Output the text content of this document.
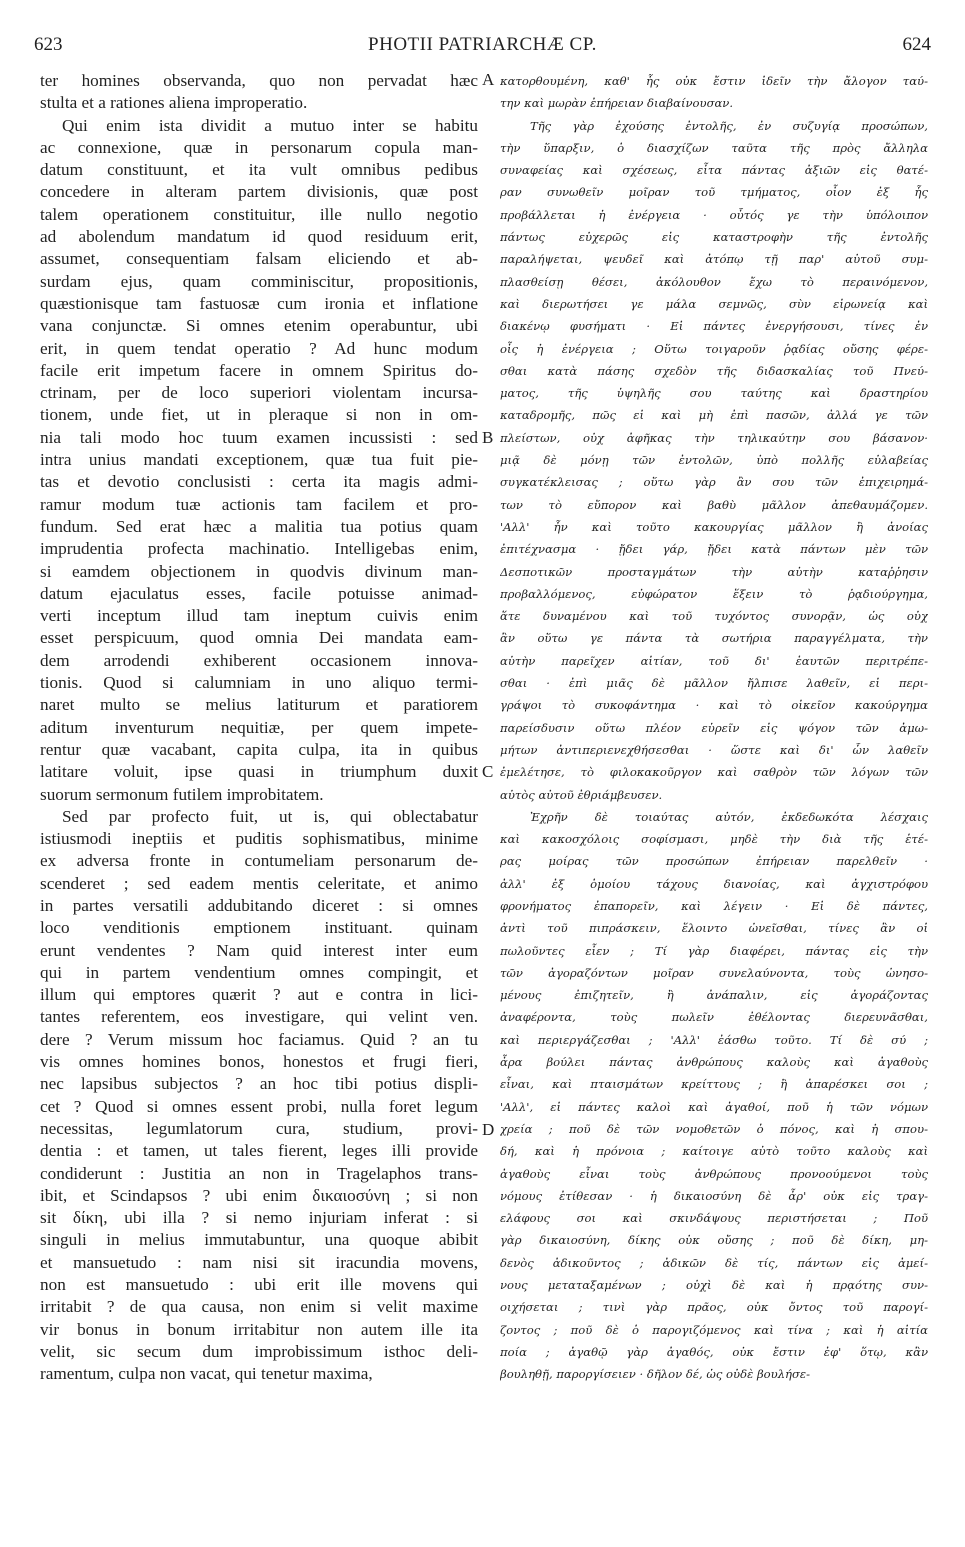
623	PHOTII PATRIARCHÆ CP.	624
ter homines observanda, quo non pervadat hæc
stulta et a rationes aliena improperatio.
Qui enim ista dividit a mutuo inter se habitu
ac connexione, quæ in personarum copula man-
datum constituunt, et ita vult omnibus pedibus
concedere in alteram partem divisionis, quæ post
talem operationem constituitur, ille nullo negotio
ad abolendum mandatum id quod residuum erit,
assumet, consequentiam falsam eliciendo et ab-
surdam ejus, quam comminiscitur, propositionis,
quæstionisque tam fastuosæ cum ironia et inflatione
vana conjunctæ. Si omnes etenim operabuntur, ubi
erit, in quem tendat operatio ? Ad hunc modum
facile erit impetum facere in omnem Spiritus do-
ctrinam, per de loco superiori violentam incursa-
tionem, unde fiet, ut in pleraque si non in om-
nia tali modo hoc tuum examen incussisti : sed
intra unius mandati exceptionem, quæ tua fuit pie-
tas et devotio conclusisti : certa ita magis admi-
ramur modum tuæ actionis tam facilem et pro-
fundum. Sed erat hæc a malitia tua potius quam
imprudentia profecta machinatio. Intelligebas enim,
si eamdem objectionem in quodvis divinum man-
datum ejaculatus esses, facile potuisse animad-
verti inceptum illud tam ineptum cuivis enim
esset perspicuum, quod omnia Dei mandata eam-
dem arrodendi exhiberent occasionem innova-
tionis. Quod si calumniam in uno aliquo termi-
naret multo se melius latiturum et paratiorem
aditum inventurum nequitiæ, per quem impete-
rentur quæ vacabant, capita culpa, ita in quibus
latitare voluit, ipse quasi in triumphum duxit
suorum sermonum futilem improbitatem.
Sed par profecto fuit, ut is, qui oblectabatur
istiusmodi ineptiis et puditis sophismatibus, minime
ex adversa fronte in contumeliam personarum de-
scenderet ; sed eadem mentis celeritate, et animo
in partes versatili addubitando diceret : si omnes
loco venditionis emptionem instituant. quinam
erunt vendentes ? Nam quid interest inter eum
qui in partem vendentium omnes compingit, et
illum qui emptores quærit ? aut e contra in lici-
tantes referentem, eos investigare, qui velint ven.
dere ? Verum missum hoc faciamus. Quid ? an tu
vis omnes homines bonos, honestos et frugi fieri,
nec lapsibus subjectos ? an hoc tibi potius displi-
cet ? Quod si omnes essent probi, nulla foret legum
necessitas, legumlatorum cura, studium, provi-
dentia : et tamen, ut tales fierent, leges illi provide
condiderunt : Justitia an non in Tragelaphos trans-
ibit, et Scindapsos ? ubi enim δικαιοσύνη ; si non
sit δίκη, ubi illa ? si nemo injuriam inferat : si
singuli in melius immutabuntur, una quoque abibit
et mansuetudo : nam nisi sit iracundia movens,
non est mansuetudo : ubi erit ille movens qui
irritabit ? de qua causa, non enim si velit maxime
vir bonus in bonum irritabitur non autem ille ita
velit, sic secum dum improbissimum isthoc deli-
ramentum, culpa non vacat, qui tenetur maxima,
κατορθουμένη, καθ' ἧς οὐκ ἔστιν ἰδεῖν τὴν ἄλογον ταύ-
την καὶ μωρὰν ἐπήρειαν διαβαίνουσαν.
Τῆς γὰρ ἐχούσης ἐντολῆς, ἐν συζυγίᾳ προσώπων,
τὴν ὕπαρξιν, ὁ διασχίζων ταῦτα τῆς πρὸς ἄλληλα
συναφείας καὶ σχέσεως, εἶτα πάντας ἀξιῶν εἰς θατέ-
ραν συνωθεῖν μοῖραν τοῦ τμήματος, οἷον ἐξ ἧς
προβάλλεται ἡ ἐνέργεια · οὗτός γε τὴν ὑπόλοιπον
πάντως εὐχερῶς εἰς καταστροφὴν τῆς ἐντολῆς
παραλήψεται, ψευδεῖ καὶ ἀτόπῳ τῇ παρ' αὐτοῦ συμ-
πλασθείσῃ θέσει, ἀκόλουθον ἔχω τὸ περαινόμενον,
καὶ διερωτήσει γε μάλα σεμνῶς, σὺν εἰρωνείᾳ καὶ
διακένῳ φυσήματι · Εἰ πάντες ἐνεργήσουσι, τίνες ἐν
οἷς ἡ ἐνέργεια ; Οὕτω τοιγαροῦν ῥᾳδίας οὔσης φέρε-
σθαι κατὰ πάσης σχεδὸν τῆς διδασκαλίας τοῦ Πνεύ-
ματος, τῆς ὑψηλῆς σου ταύτης καὶ δραστηρίου
καταδρομῆς, πῶς εἰ καὶ μὴ ἐπὶ πασῶν, ἀλλά γε τῶν
πλείστων, οὐχ ἀφῆκας τὴν τηλικαύτην σου βάσανον·
μιᾷ δὲ μόνῃ τῶν ἐντολῶν, ὑπὸ πολλῆς εὐλαβείας
συγκατέκλεισας ; οὕτω γὰρ ἂν σου τῶν ἐπιχειρημά-
των τὸ εὔπορον καὶ βαθὺ μᾶλλον ἀπεθαυμάζομεν.
'Αλλ' ἦν καὶ τοῦτο κακουργίας μᾶλλον ἢ ἀνοίας
ἐπιτέχνασμα · ᾔδει γάρ, ᾔδει κατὰ πάντων μὲν τῶν
Δεσποτικῶν προσταγμάτων τὴν αὐτὴν καταῤῥησιν
προβαλλόμενος, εὐφώρατον ἕξειν τὸ ῥᾳδιούργημα,
ἅτε δυναμένου καὶ τοῦ τυχόντος συνορᾷν, ὡς οὐχ
ἂν οὕτω γε πάντα τὰ σωτήρια παραγγέλματα, τὴν
αὐτὴν παρεῖχεν αἰτίαν, τοῦ δι' ἑαυτῶν περιτρέπε-
σθαι · ἐπὶ μιᾶς δὲ μᾶλλον ἤλπισε λαθεῖν, εἰ περι-
γράψοι τὸ συκοφάντημα · καὶ τὸ οἰκεῖον κακούργημα
παρείσδυσιν οὕτω πλέον εὑρεῖν εἰς ψόγον τῶν ἀμω-
μήτων ἀντιπεριενεχθήσεσθαι · ὥστε καὶ δι' ὧν λαθεῖν
ἐμελέτησε, τὸ φιλοκακοῦργον καὶ σαθρὸν τῶν λόγων τῶν
αὐτὸς αὐτοῦ ἐθριάμβευσεν.
Ἐχρῆν δὲ τοιαύτας αὐτόν, ἐκδεδωκότα λέσχαις
καὶ κακοσχόλοις σοφίσμασι, μηδὲ τὴν διὰ τῆς ἑτέ-
ρας μοίρας τῶν προσώπων ἐπήρειαν παρελθεῖν ·
ἀλλ' ἐξ ὁμοίου τάχους διανοίας, καὶ ἀγχιστρόφου
φρονήματος ἐπαπορεῖν, καὶ λέγειν · Εἰ δὲ πάντες,
ἀντὶ τοῦ πιπράσκειν, ἕλοιντο ὠνεῖσθαι, τίνες ἂν οἱ
πωλοῦντες εἶεν ; Τί γὰρ διαφέρει, πάντας εἰς τὴν
τῶν ἀγοραζόντων μοῖραν συνελαύνοντα, τοὺς ὠνησο-
μένους ἐπιζητεῖν, ἢ ἀνάπαλιν, εἰς ἀγοράζοντας
ἀναφέροντα, τοὺς πωλεῖν ἐθέλοντας διερευνᾶσθαι,
καὶ περιεργάζεσθαι ; 'Αλλ' ἐάσθω τοῦτο. Τί δὲ σύ ;
ἆρα βούλει πάντας ἀνθρώπους καλοὺς καὶ ἀγαθοὺς
εἶναι, καὶ πταισμάτων κρείττους ; ἢ ἀπαρέσκει σοι ;
'Αλλ', εἰ πάντες καλοὶ καὶ ἀγαθοί, ποῦ ἡ τῶν νόμων
χρεία ; ποῦ δὲ τῶν νομοθετῶν ὁ πόνος, καὶ ἡ σπου-
δή, καὶ ἡ πρόνοια ; καίτοιγε αὐτὸ τοῦτο καλοὺς καὶ
ἀγαθοὺς εἶναι τοὺς ἀνθρώπους προνοούμενοι τοὺς
νόμους ἐτίθεσαν · ἡ δικαιοσύνη δὲ ἆρ' οὐκ εἰς τραγ-
ελάφους σοι καὶ σκινδάψους περιστήσεται ; Ποῦ
γὰρ δικαιοσύνη, δίκης οὐκ οὔσης ; ποῦ δὲ δίκη, μη-
δενὸς ἀδικοῦντος ; ἀδικῶν δὲ τίς, πάντων εἰς ἀμεί-
νους μεταταξαμένων ; οὐχὶ δὲ καὶ ἡ πρᾳότης συν-
οιχήσεται ; τινὶ γὰρ πρᾶος, οὐκ ὄντος τοῦ παρογί-
ζοντος ; ποῦ δὲ ὁ παρογιζόμενος καὶ τίνα ; καὶ ἡ αἰτία
ποία ; ἀγαθῷ γὰρ ἀγαθός, οὐκ ἔστιν ἐφ' ὅτῳ, κἂν
βουληθῇ, παροργίσειεν · δῆλον δέ, ὡς οὐδὲ βουλήσε-
A
B
C
D
